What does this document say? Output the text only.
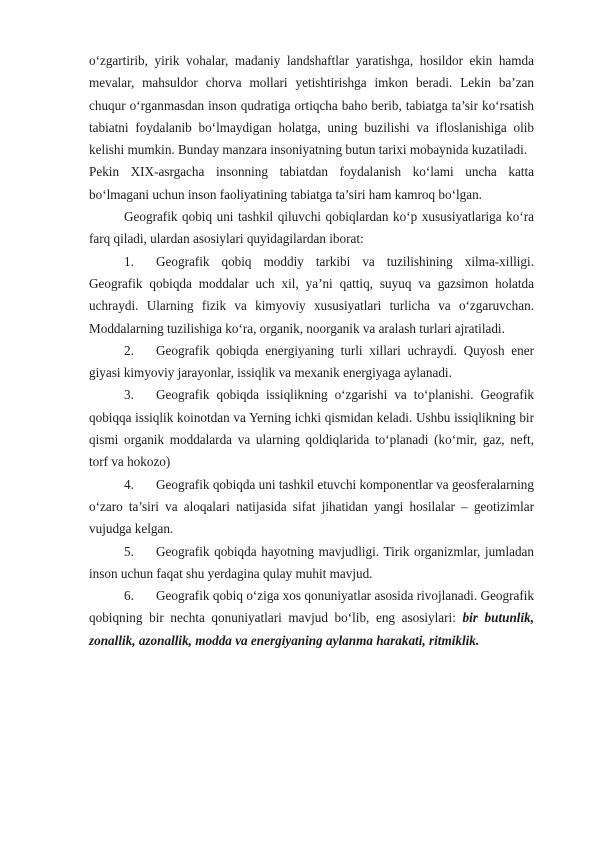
o‘zgartirib, yirik vohalar, madaniy landshaftlar yaratishga, hosildor ekin hamda mevalar, mahsuldor chorva mollari yetishtirishga imkon beradi. Lekin ba’zan chuqur o‘rganmasdan inson qudratiga ortiqcha baho berib, tabiatga ta’sir ko‘rsatish tabiatni foydalanib bo‘lmaydigan holatga, uning buzilishi va ifloslanishiga olib kelishi mumkin. Bunday manzara insoniyatning butun tarixi mobaynida kuzatiladi.

Pekin XIX-asrgacha insonning tabiatdan foydalanish ko‘lami uncha katta bo‘lmagani uchun inson faoliyatining tabiatga ta’siri ham kamroq bo‘lgan.

Geografik qobiq uni tashkil qiluvchi qobiqlardan ko‘p xususiyatlariga ko‘ra farq qiladi, ulardan asosiylari quyidagilardan iborat:

1. Geografik qobiq moddiy tarkibi va tuzilishining xilma-xilligi. Geografik qobiqda moddalar uch xil, ya’ni qattiq, suyuq va gazsimon holatda uchraydi. Ularning fizik va kimyoviy xususiyatlari turlicha va o‘zgaruvchan. Moddalarning tuzilishiga ko‘ra, organik, noorganik va aralash turlari ajratiladi.

2. Geografik qobiqda energiyaning turli xillari uchraydi. Quyosh ener giyasi kimyoviy jarayonlar, issiqlik va mexanik energiyaga aylanadi.

3. Geografik qobiqda issiqlikning o‘zgarishi va to‘planishi. Geografik qobiqqa issiqlik koinotdan va Yerning ichki qismidan keladi. Ushbu issiqlikning bir qismi organik moddalarda va ularning qoldiqlarida to‘planadi (ko‘mir, gaz, neft, torf va hokozo)

4. Geografik qobiqda uni tashkil etuvchi komponentlar va geosferalarning o‘zaro ta’siri va aloqalari natijasida sifat jihatidan yangi hosilalar – geotizimlar vujudga kelgan.

5. Geografik qobiqda hayotning mavjudligi. Tirik organizmlar, jumladan inson uchun faqat shu yerdagina qulay muhit mavjud.

6. Geografik qobiq o‘ziga xos qonuniyatlar asosida rivojlanadi. Geografik qobiqning bir nechta qonuniyatlari mavjud bo‘lib, eng asosiylari: bir butunlik, zonallik, azonallik, modda va energiyaning aylanma harakati, ritmiklik.
